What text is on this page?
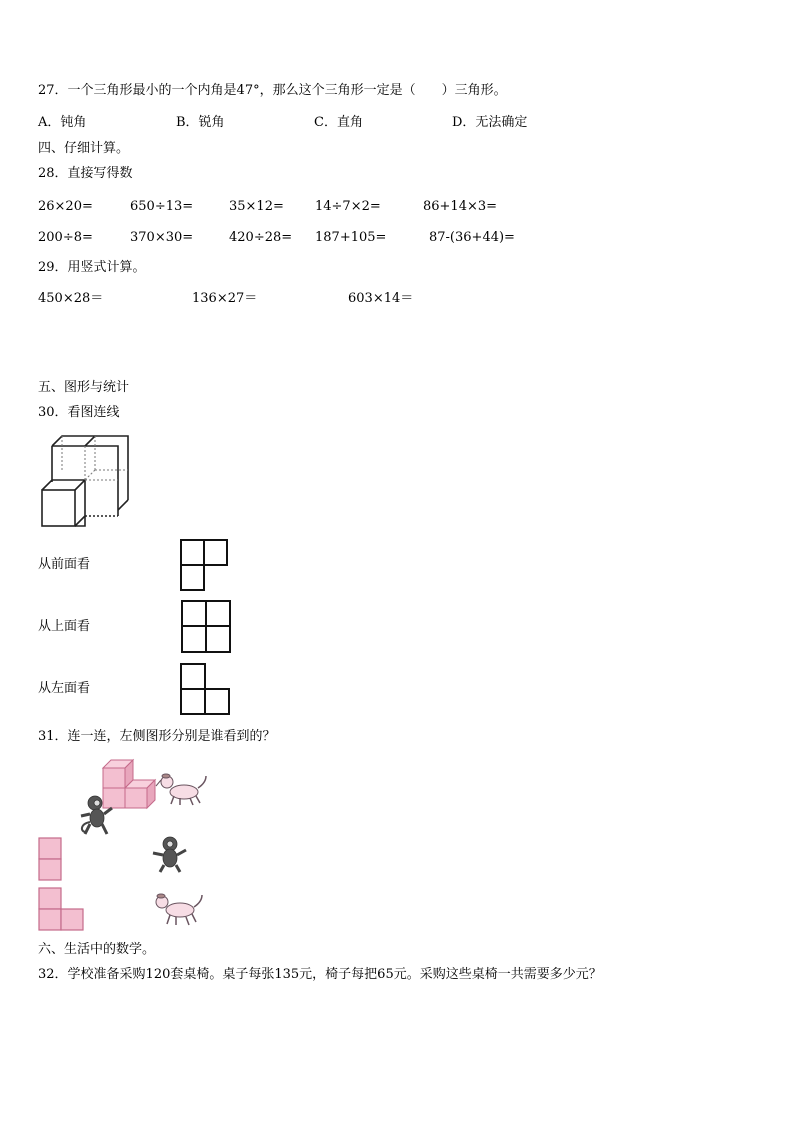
27．一个三角形最小的一个内角是47°，那么这个三角形一定是（　　）三角形。
A．钝角	B．锐角	C．直角	D．无法确定
四、仔细计算。
28．直接写得数
26×20=	650÷13=	35×12= 14÷7×2=	86+14×3=
200÷8=	370×30=	420÷28= 187+105=	87-(36+44)=
29．用竖式计算。
450×28＝	136×27＝	603×14＝
五、图形与统计
30．看图连线
从前面看
从上面看
从左面看
31．连一连，左侧图形分别是谁看到的？
六、生活中的数学。
32．学校准备采购120套桌椅。桌子每张135元，椅子每把65元。采购这些桌椅一共需要多少元？
